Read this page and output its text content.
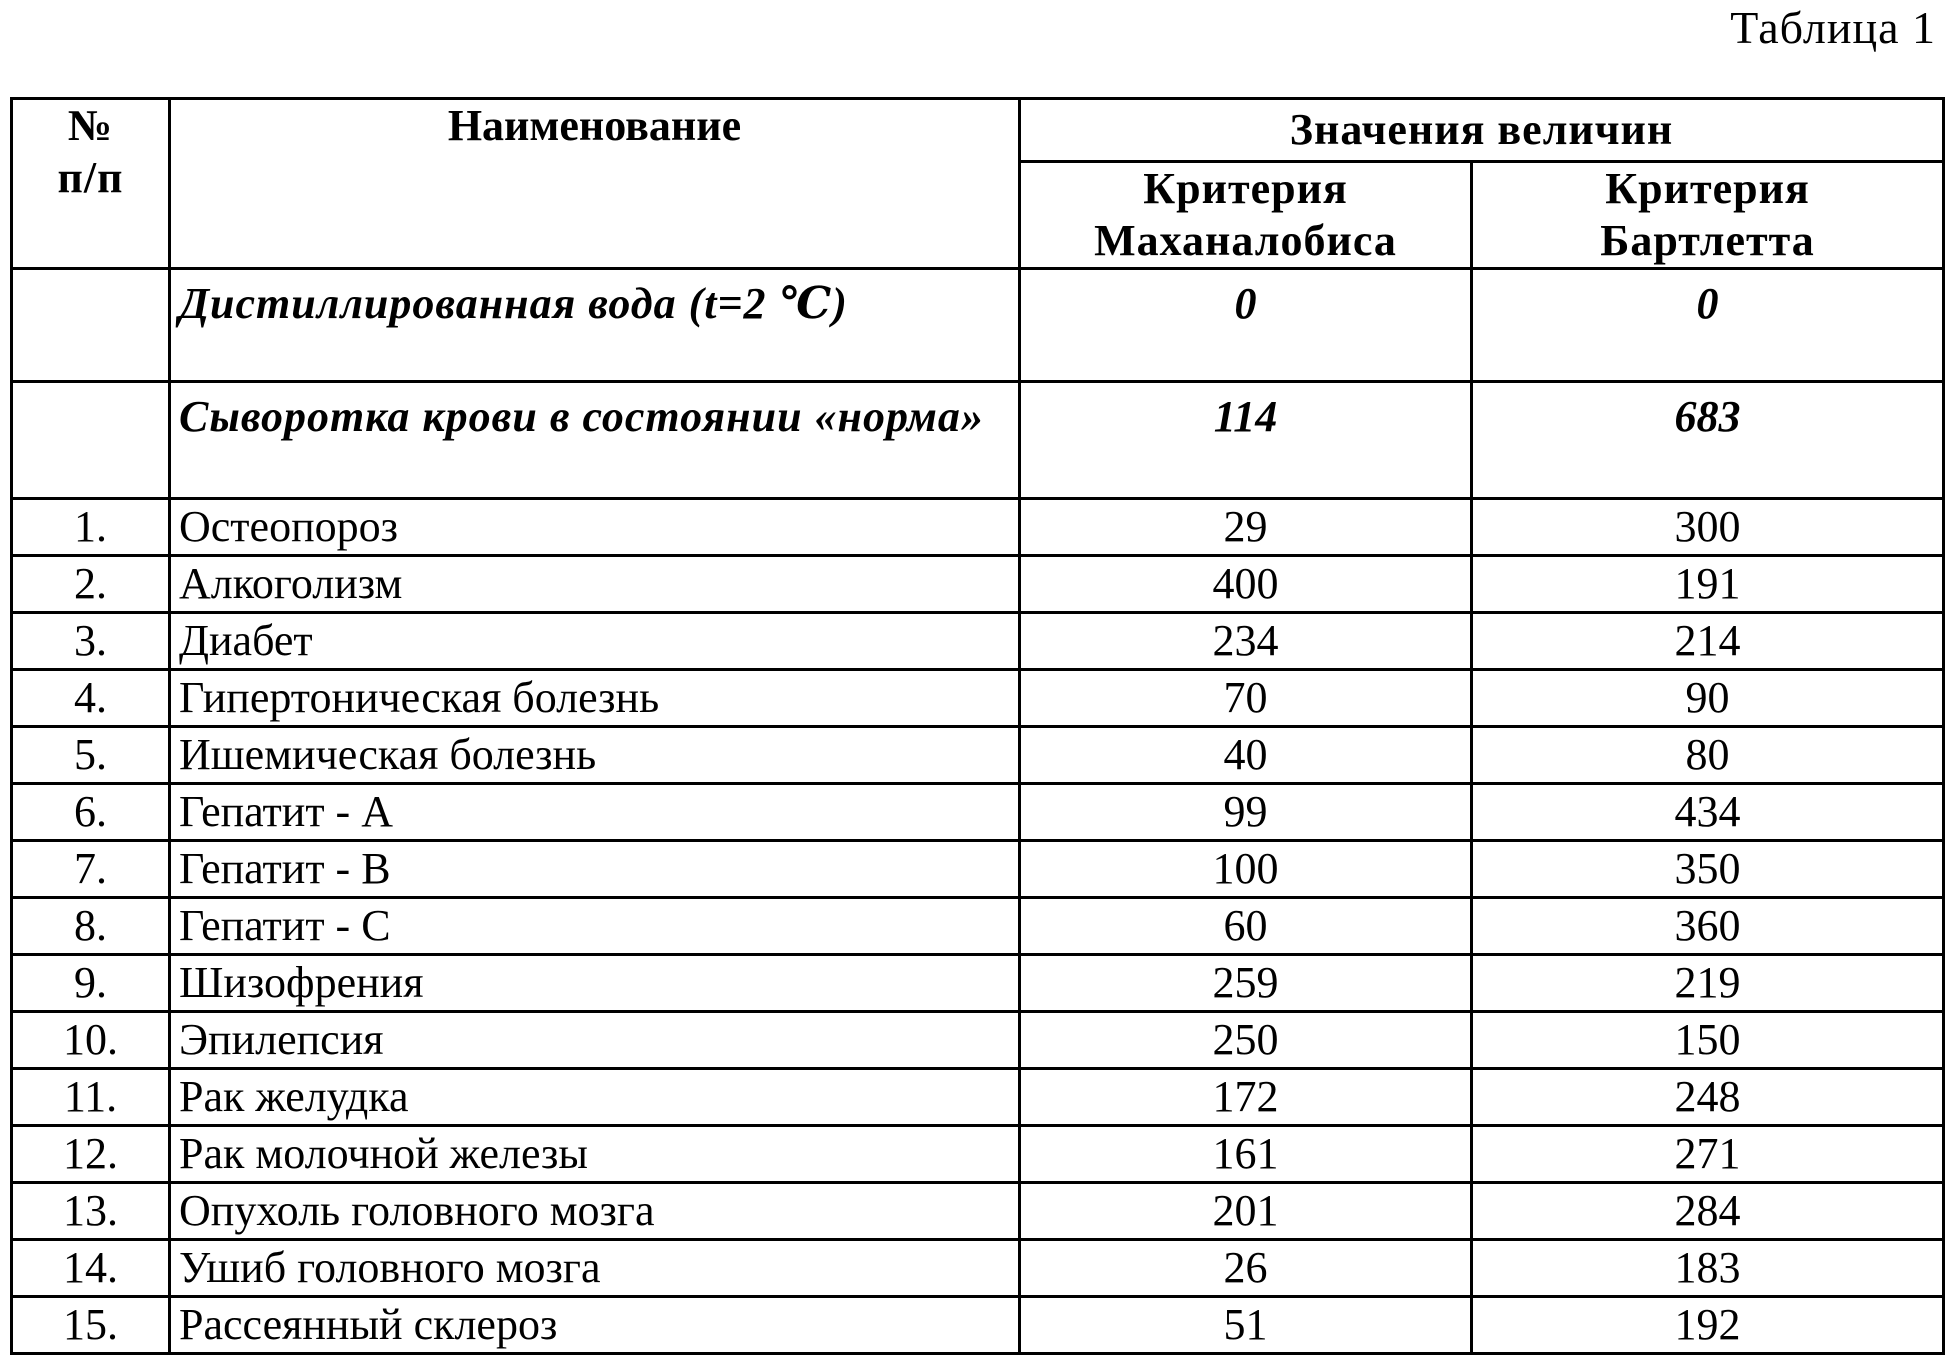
Таблица 1
№
п/п
	Наименование	Значения величин

Критерия
Маханалобиса

Критерия
Бартлетта

	Дистиллированная вода (t=2 ℃)	0	0
	Сыворотка крови в состоянии «норма»	114	683
1.	Остеопороз	29	300
2.	Алкоголизм	400	191
3.	Диабет	234	214
4.	Гипертоническая болезнь	70	90
5.	Ишемическая болезнь	40	80
6.	Гепатит - А	99	434
7.	Гепатит - В	100	350
8.	Гепатит - С	60	360
9.	Шизофрения	259	219
10.	Эпилепсия	250	150
11.	Рак желудка	172	248
12.	Рак молочной железы	161	271
13.	Опухоль головного мозга	201	284
14.	Ушиб головного мозга	26	183
15.	Рассеянный склероз	51	192
